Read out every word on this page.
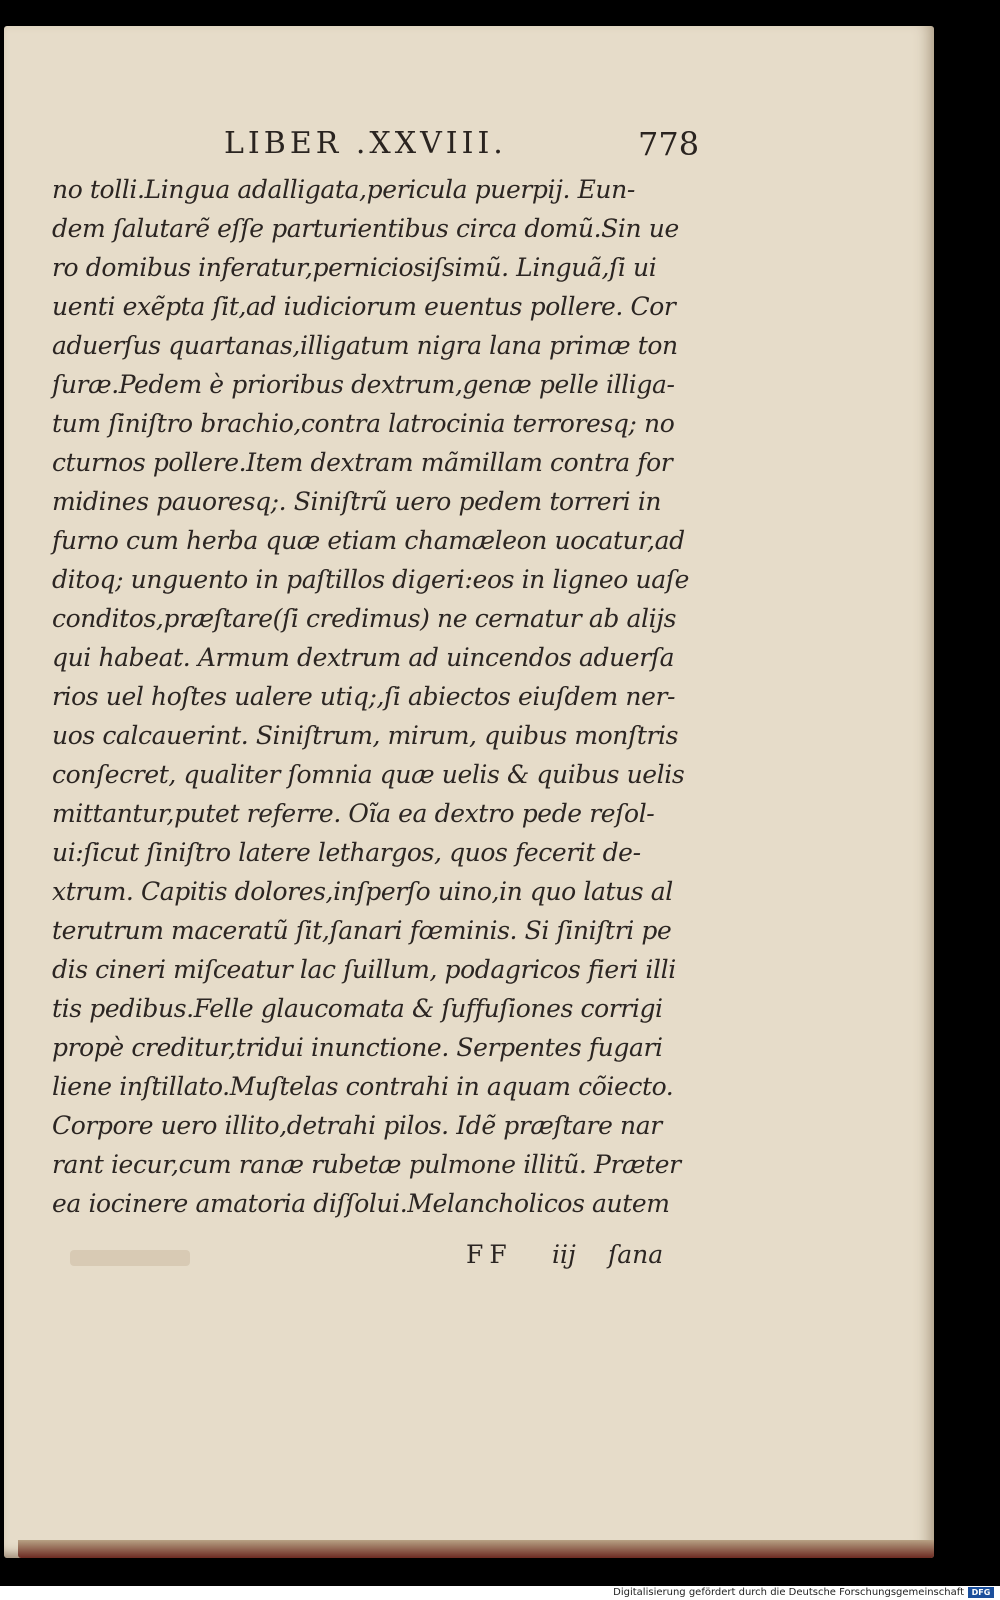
LIBER .XXVIII.	778
no tolli.Lingua adalligata,pericula puerpij. Eun-
dem ſalutarẽ eſſe parturientibus circa domũ.Sin ue
ro domibus inferatur,perniciosiſsimũ. Linguã,ſi ui
uenti exẽpta ſit,ad iudiciorum euentus pollere. Cor
aduerſus quartanas,illigatum nigra lana primæ ton
ſuræ.Pedem è prioribus dextrum,genæ pelle illiga-
tum ſiniſtro brachio,contra latrocinia terroresq; no
cturnos pollere.Item dextram mãmillam contra for
midines pauoresq;. Siniſtrũ uero pedem torreri in
furno cum herba quæ etiam chamæleon uocatur,ad
ditoq; unguento in paſtillos digeri:eos in ligneo uaſe
conditos,præſtare(ſi credimus) ne cernatur ab alijs
qui habeat. Armum dextrum ad uincendos aduerſa
rios uel hoſtes ualere utiq;,ſi abiectos eiuſdem ner-
uos calcauerint. Siniſtrum, mirum, quibus monſtris
conſecret, qualiter ſomnia quæ uelis & quibus uelis
mittantur,putet referre. Oĩa ea dextro pede reſol-
ui:ſicut ſiniſtro latere lethargos, quos fecerit de-
xtrum. Capitis dolores,inſperſo uino,in quo latus al
terutrum maceratũ ſit,ſanari fœminis. Si ſiniſtri pe
dis cineri miſceatur lac ſuillum, podagricos fieri illi
tis pedibus.Felle glaucomata & ſuffuſiones corrigi
propè creditur,tridui inunctione. Serpentes fugari
liene inſtillato.Muſtelas contrahi in aquam cõiecto.
Corpore uero illito,detrahi pilos. Idẽ præſtare nar
rant iecur,cum ranæ rubetæ pulmone illitũ. Præter
ea iocinere amatoria diſſolui.Melancholicos autem
FF iij ſana
Digitalisierung gefördert durch die Deutsche Forschungsgemeinschaft DFG
